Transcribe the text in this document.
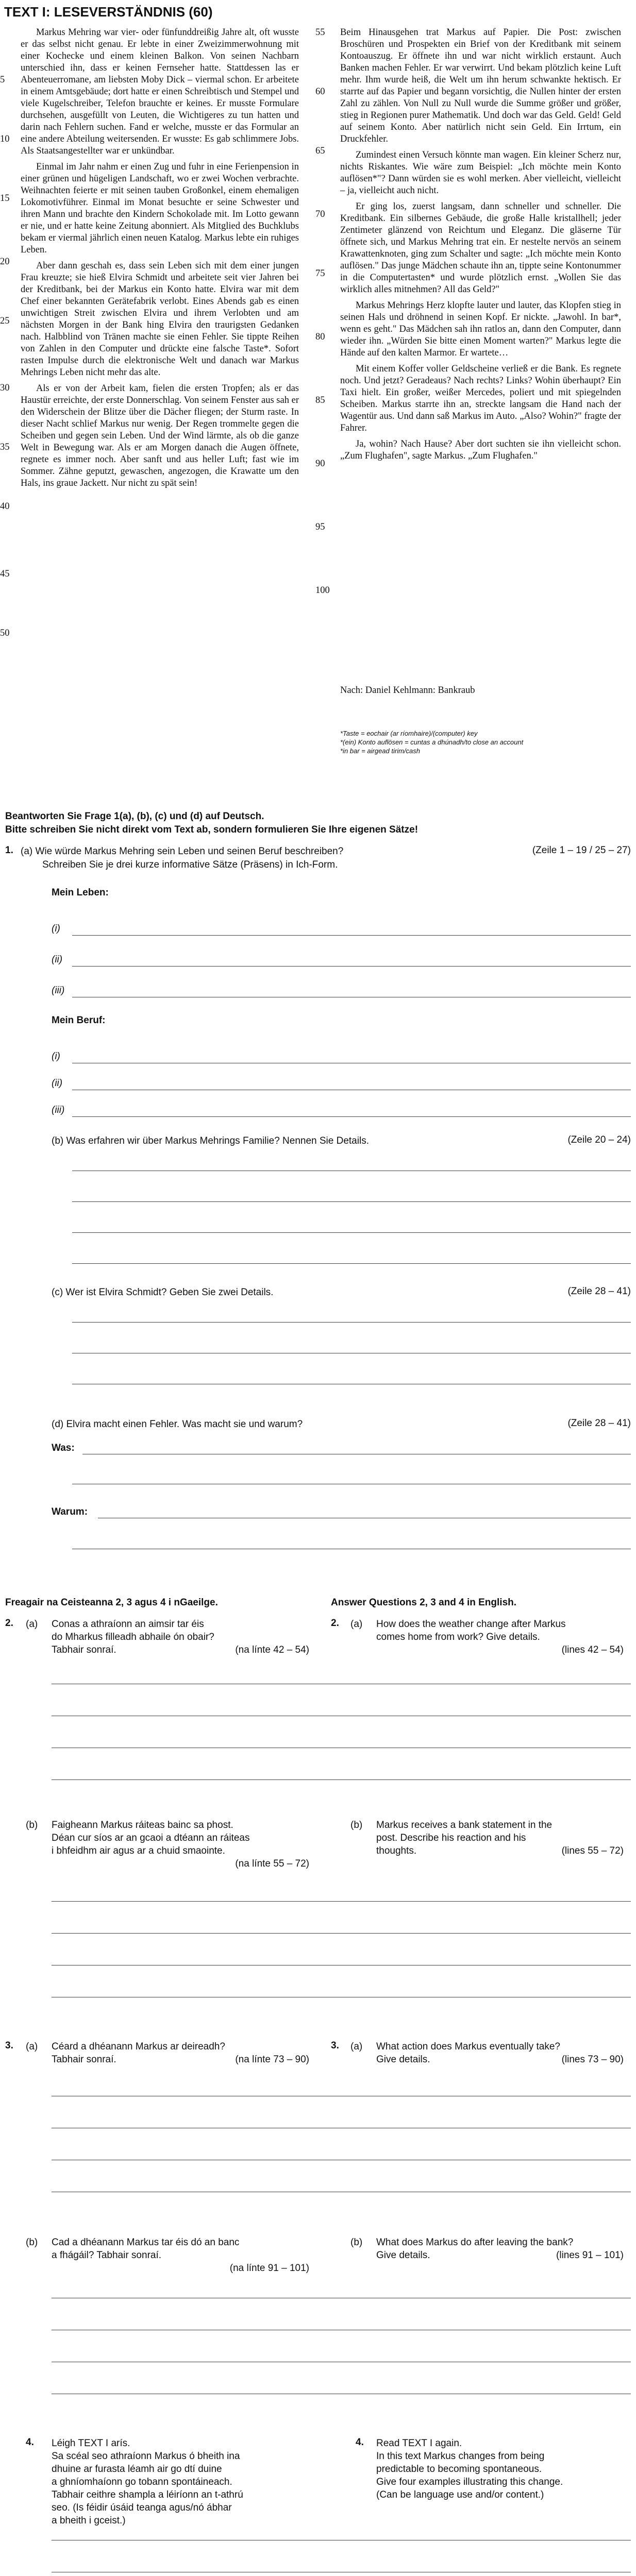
TEXT I: LESEVERSTÄNDNIS (60)
5
10
15
20
25
30
35
40
45
50

Markus Mehring war vier- oder fünfunddreißig Jahre alt, oft wusste er das selbst nicht genau. Er lebte in einer Zweizimmerwohnung mit einer Kochecke und einem kleinen Balkon. Von seinen Nachbarn unterschied ihn, dass er keinen Fernseher hatte. Stattdessen las er Abenteuerromane, am liebsten Moby Dick – viermal schon. Er arbeitete in einem Amtsgebäude; dort hatte er einen Schreibtisch und Stempel und viele Kugelschreiber, Telefon brauchte er keines. Er musste Formulare durchsehen, ausgefüllt von Leuten, die Wichtigeres zu tun hatten und darin nach Fehlern suchen. Fand er welche, musste er das Formular an eine andere Abteilung weitersenden. Er wusste: Es gab schlimmere Jobs. Als Staatsangestellter war er unkündbar.

Einmal im Jahr nahm er einen Zug und fuhr in eine Ferienpension in einer grünen und hügeligen Landschaft, wo er zwei Wochen verbrachte. Weihnachten feierte er mit seinen tauben Großonkel, einem ehemaligen Lokomotivführer. Einmal im Monat besuchte er seine Schwester und ihren Mann und brachte den Kindern Schokolade mit. Im Lotto gewann er nie, und er hatte keine Zeitung abonniert. Als Mitglied des Buchklubs bekam er viermal jährlich einen neuen Katalog. Markus lebte ein ruhiges Leben.

Aber dann geschah es, dass sein Leben sich mit dem einer jungen Frau kreuzte; sie hieß Elvira Schmidt und arbeitete seit vier Jahren bei der Kreditbank, bei der Markus ein Konto hatte. Elvira war mit dem Chef einer bekannten Gerätefabrik verlobt. Eines Abends gab es einen unwichtigen Streit zwischen Elvira und ihrem Verlobten und am nächsten Morgen in der Bank hing Elvira den traurigsten Gedanken nach. Halbblind von Tränen machte sie einen Fehler. Sie tippte Reihen von Zahlen in den Computer und drückte eine falsche Taste*. Sofort rasten Impulse durch die elektronische Welt und danach war Markus Mehrings Leben nicht mehr das alte.

Als er von der Arbeit kam, fielen die ersten Tropfen; als er das Haustür erreichte, der erste Donnerschlag. Von seinem Fenster aus sah er den Widerschein der Blitze über die Dächer fliegen; der Sturm raste. In dieser Nacht schlief Markus nur wenig. Der Regen trommelte gegen die Scheiben und gegen sein Leben. Und der Wind lärmte, als ob die ganze Welt in Bewegung war. Als er am Morgen danach die Augen öffnete, regnete es immer noch. Aber sanft und aus heller Luft; fast wie im Sommer. Zähne geputzt, gewaschen, angezogen, die Krawatte um den Hals, ins graue Jackett. Nur nicht zu spät sein!

55
60
65
70
75
80
85
90
95
100

Beim Hinausgehen trat Markus auf Papier. Die Post: zwischen Broschüren und Prospekten ein Brief von der Kreditbank mit seinem Kontoauszug. Er öffnete ihn und war nicht wirklich erstaunt. Auch Banken machen Fehler. Er war verwirrt. Und bekam plötzlich keine Luft mehr. Ihm wurde heiß, die Welt um ihn herum schwankte hektisch. Er starrte auf das Papier und begann vorsichtig, die Nullen hinter der ersten Zahl zu zählen. Von Null zu Null wurde die Summe größer und größer, stieg in Regionen purer Mathematik. Und doch war das Geld. Geld! Geld auf seinem Konto. Aber natürlich nicht sein Geld. Ein Irrtum, ein Druckfehler.

Zumindest einen Versuch könnte man wagen. Ein kleiner Scherz nur, nichts Riskantes. Wie wäre zum Beispiel: „Ich möchte mein Konto auflösen*"? Dann würden sie es wohl merken. Aber vielleicht, vielleicht – ja, vielleicht auch nicht.

Er ging los, zuerst langsam, dann schneller und schneller. Die Kreditbank. Ein silbernes Gebäude, die große Halle kristallhell; jeder Zentimeter glänzend von Reichtum und Eleganz. Die gläserne Tür öffnete sich, und Markus Mehring trat ein. Er nestelte nervös an seinem Krawattenknoten, ging zum Schalter und sagte: „Ich möchte mein Konto auflösen." Das junge Mädchen schaute ihn an, tippte seine Kontonummer in die Computertasten* und wurde plötzlich ernst. „Wollen Sie das wirklich alles mitnehmen? All das Geld?"

Markus Mehrings Herz klopfte lauter und lauter, das Klopfen stieg in seinen Hals und dröhnend in seinen Kopf. Er nickte. „Jawohl. In bar*, wenn es geht." Das Mädchen sah ihn ratlos an, dann den Computer, dann wieder ihn. „Würden Sie bitte einen Moment warten?" Markus legte die Hände auf den kalten Marmor. Er wartete…

Mit einem Koffer voller Geldscheine verließ er die Bank. Es regnete noch. Und jetzt? Geradeaus? Nach rechts? Links? Wohin überhaupt? Ein Taxi hielt. Ein großer, weißer Mercedes, poliert und mit spiegelnden Scheiben. Markus starrte ihn an, streckte langsam die Hand nach der Wagentür aus. Und dann saß Markus im Auto. „Also? Wohin?" fragte der Fahrer.

Ja, wohin? Nach Hause? Aber dort suchten sie ihn vielleicht schon. „Zum Flughafen", sagte Markus. „Zum Flughafen."

Nach: Daniel Kehlmann: Bankraub
*Taste = eochair (ar ríomhaire)/(computer) key
*(ein) Konto auflösen = cuntas a dhúnadh/to close an account
*in bar = airgead tirim/cash
Beantworten Sie Frage 1(a), (b), (c) und (d) auf Deutsch.
Bitte schreiben Sie nicht direkt vom Text ab, sondern formulieren Sie Ihre eigenen Sätze!
1. (a) Wie würde Markus Mehring sein Leben und seinen Beruf beschreiben?	(Zeile 1 – 19 / 25 – 27)
Schreiben Sie je drei kurze informative Sätze (Präsens) in Ich-Form.
Mein Leben:
(i)
(ii)
(iii)
Mein Beruf:
(i)
(ii)
(iii)
(b) Was erfahren wir über Markus Mehrings Familie? Nennen Sie Details.	(Zeile 20 – 24)
(c) Wer ist Elvira Schmidt? Geben Sie zwei Details.	(Zeile 28 – 41)
(d) Elvira macht einen Fehler. Was macht sie und warum?	(Zeile 28 – 41)
Was:
Warum:
Freagair na Ceisteanna 2, 3 agus 4 i nGaeilge.	Answer Questions 2, 3 and 4 in English.
2. (a) Conas a athraíonn an aimsir tar éis
do Mharkus filleadh abhaile ón obair?
Tabhair sonraí.	(na línte 42 – 54)
2. (a) How does the weather change after Markus
comes home from work? Give details.
(lines 42 – 54)
(b) Faigheann Markus ráiteas bainc sa phost.
Déan cur síos ar an gcaoi a dtéann an ráiteas
i bhfeidhm air agus ar a chuid smaointe.
(na línte 55 – 72)
(b) Markus receives a bank statement in the
post. Describe his reaction and his
thoughts.	(lines 55 – 72)
3. (a) Céard a dhéanann Markus ar deireadh?
Tabhair sonraí.	(na línte 73 – 90)
3. (a) What action does Markus eventually take?
Give details.	(lines 73 – 90)
(b) Cad a dhéanann Markus tar éis dó an banc
a fhágáil? Tabhair sonraí.
(na línte 91 – 101)
(b) What does Markus do after leaving the bank?
Give details.	(lines 91 – 101)
4. Léigh TEXT I arís.
Sa scéal seo athraíonn Markus ó bheith ina
dhuine ar furasta léamh air go dtí duine
a ghníomhaíonn go tobann spontáineach.
Tabhair ceithre shampla a léiríonn an t-athrú
seo. (Is féidir úsáid teanga agus/nó ábhar
a bheith i gceist.)
4. Read TEXT I again.
In this text Markus changes from being
predictable to becoming spontaneous.
Give four examples illustrating this change.
(Can be language use and/or content.)
